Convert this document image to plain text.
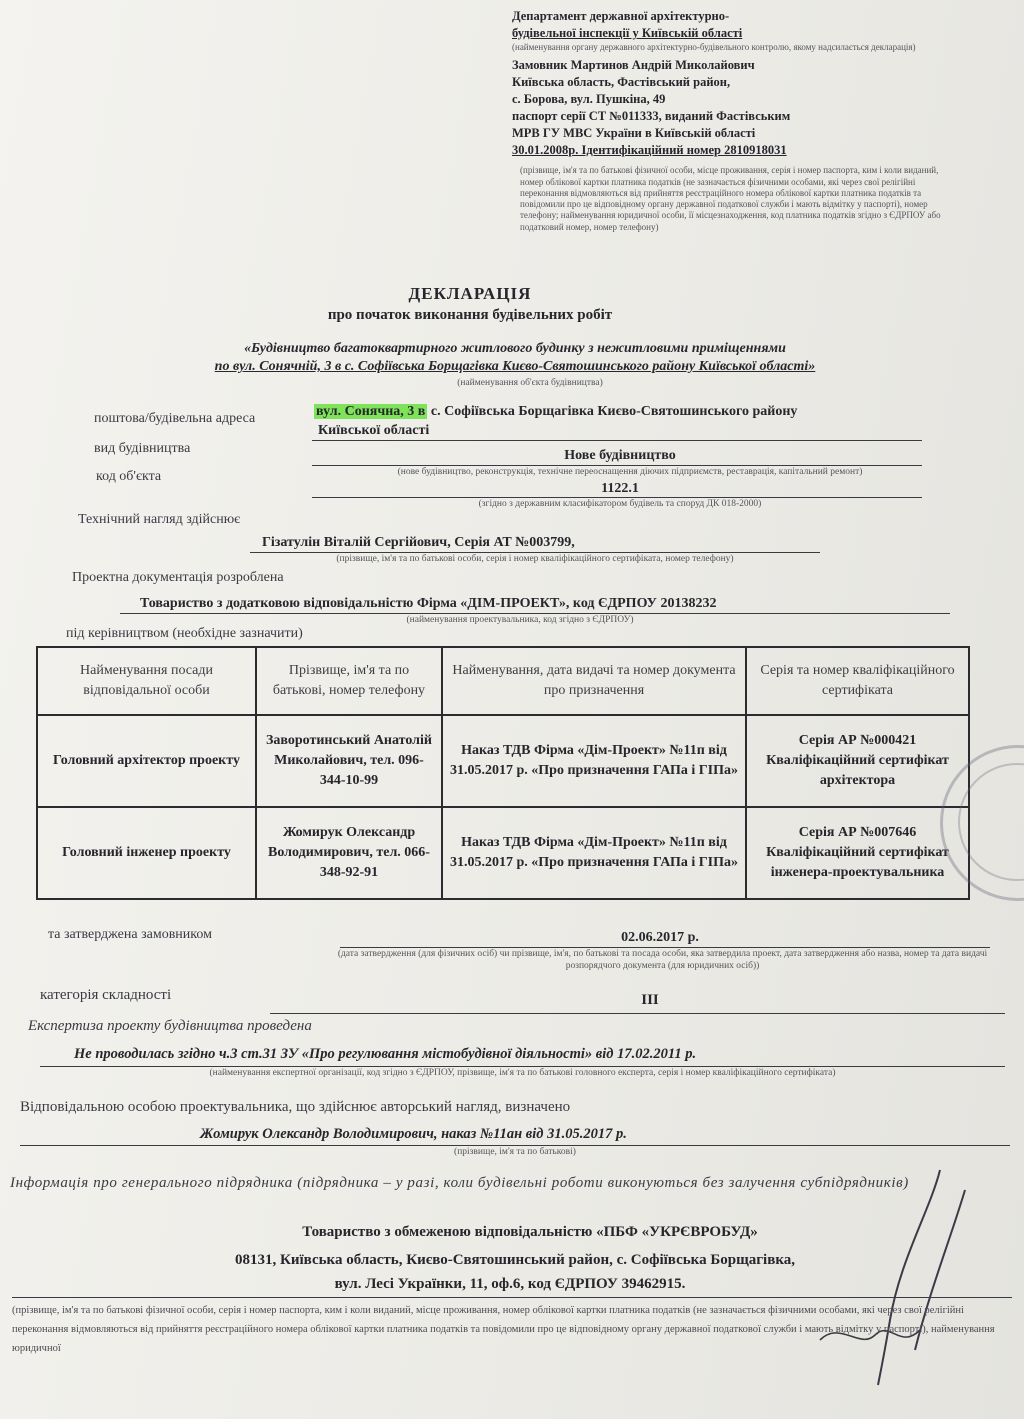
Департамент державної архітектурно-
будівельної інспекції у Київській області
(найменування органу державного архітектурно-будівельного контролю, якому надсилається декларація)
Замовник Мартинов Андрій Миколайович
Київська область, Фастівський район,
с. Борова, вул. Пушкіна, 49
паспорт серії СТ №011333, виданий Фастівським
МРВ ГУ МВС України в Київській області
30.01.2008р. Ідентифікаційний номер 2810918031
(прізвище, ім'я та по батькові фізичної особи, місце проживання, серія і номер паспорта, ким і коли виданий, номер облікової картки платника податків (не зазначається фізичними особами, які через свої релігійні переконання відмовляються від прийняття реєстраційного номера облікової картки платника податків та повідомили про це відповідному органу державної податкової служби і мають відмітку у паспорті), номер телефону; найменування юридичної особи, її місцезнаходження, код платника податків згідно з ЄДРПОУ або податковий номер, номер телефону)
ДЕКЛАРАЦІЯ
про початок виконання будівельних робіт
«Будівництво багатоквартирного житлового будинку з нежитловими приміщеннями
по вул. Сонячній, 3 в с. Софіївська Борщагівка Києво-Святошинського району Київської області»
(найменування об'єкта будівництва)
поштова/будівельна адреса	вул. Сонячна, 3 в с. Софіївська Борщагівка Києво-Святошинського району
Київської області
вид будівництва	Нове будівництво
(нове будівництво, реконструкція, технічне переоснащення діючих підприємств, реставрація, капітальний ремонт)
код об'єкта
1122.1
(згідно з державним класифікатором будівель та споруд ДК 018-2000)
Технічний нагляд здійснює
Гізатулін Віталій Сергійович, Серія АТ №003799,
(прізвище, ім'я та по батькові особи, серія і номер кваліфікаційного сертифіката, номер телефону)
Проектна документація розроблена
Товариство з додатковою відповідальністю Фірма «ДІМ-ПРОЕКТ», код ЄДРПОУ 20138232
(найменування проектувальника, код згідно з ЄДРПОУ)
під керівництвом (необхідне зазначити)
Найменування посади відповідальної особи	Прізвище, ім'я та по батькові, номер телефону	Найменування, дата видачі та номер документа про призначення	Серія та номер кваліфікаційного сертифіката
Головний архітектор проекту	Заворотинський Анатолій Миколайович, тел. 096-344-10-99	Наказ ТДВ Фірма «Дім-Проект» №11п від 31.05.2017 р. «Про призначення ГАПа і ГІПа»	Серія АР №000421 Кваліфікаційний сертифікат архітектора
Головний інженер проекту	Жомирук Олександр Володимирович, тел. 066-348-92-91	Наказ ТДВ Фірма «Дім-Проект» №11п від 31.05.2017 р. «Про призначення ГАПа і ГІПа»	Серія АР №007646 Кваліфікаційний сертифікат інженера-проектувальника
та затверджена замовником	02.06.2017 р.
(дата затвердження (для фізичних осіб) чи прізвище, ім'я, по батькові та посада особи, яка затвердила проект, дата затвердження або назва, номер та дата видачі розпорядчого документа (для юридичних осіб))
категорія складності	ІІІ
Експертиза проекту будівництва проведена
Не проводилась згідно ч.3 ст.31 ЗУ «Про регулювання містобудівної діяльності» від 17.02.2011 р.
(найменування експертної організації, код згідно з ЄДРПОУ, прізвище, ім'я та по батькові головного експерта, серія і номер кваліфікаційного сертифіката)
Відповідальною особою проектувальника, що здійснює авторський нагляд, визначено
Жомирук Олександр Володимирович, наказ №11ан від 31.05.2017 р.
(прізвище, ім'я та по батькові)
Інформація про генерального підрядника (підрядника – у разі, коли будівельні роботи виконуються без залучення субпідрядників)
Товариство з обмеженою відповідальністю «ПБФ «УКРЄВРОБУД»
08131, Київська область, Києво-Святошинський район, с. Софіївська Борщагівка,
вул. Лесі Українки, 11, оф.6, код ЄДРПОУ 39462915.
(прізвище, ім'я та по батькові фізичної особи, серія і номер паспорта, ким і коли виданий, місце проживання, номер облікової картки платника податків (не зазначається фізичними особами, які через свої релігійні переконання відмовляються від прийняття реєстраційного номера облікової картки платника податків та повідомили про це відповідному органу державної податкової служби і мають відмітку у паспорті), найменування юридичної
